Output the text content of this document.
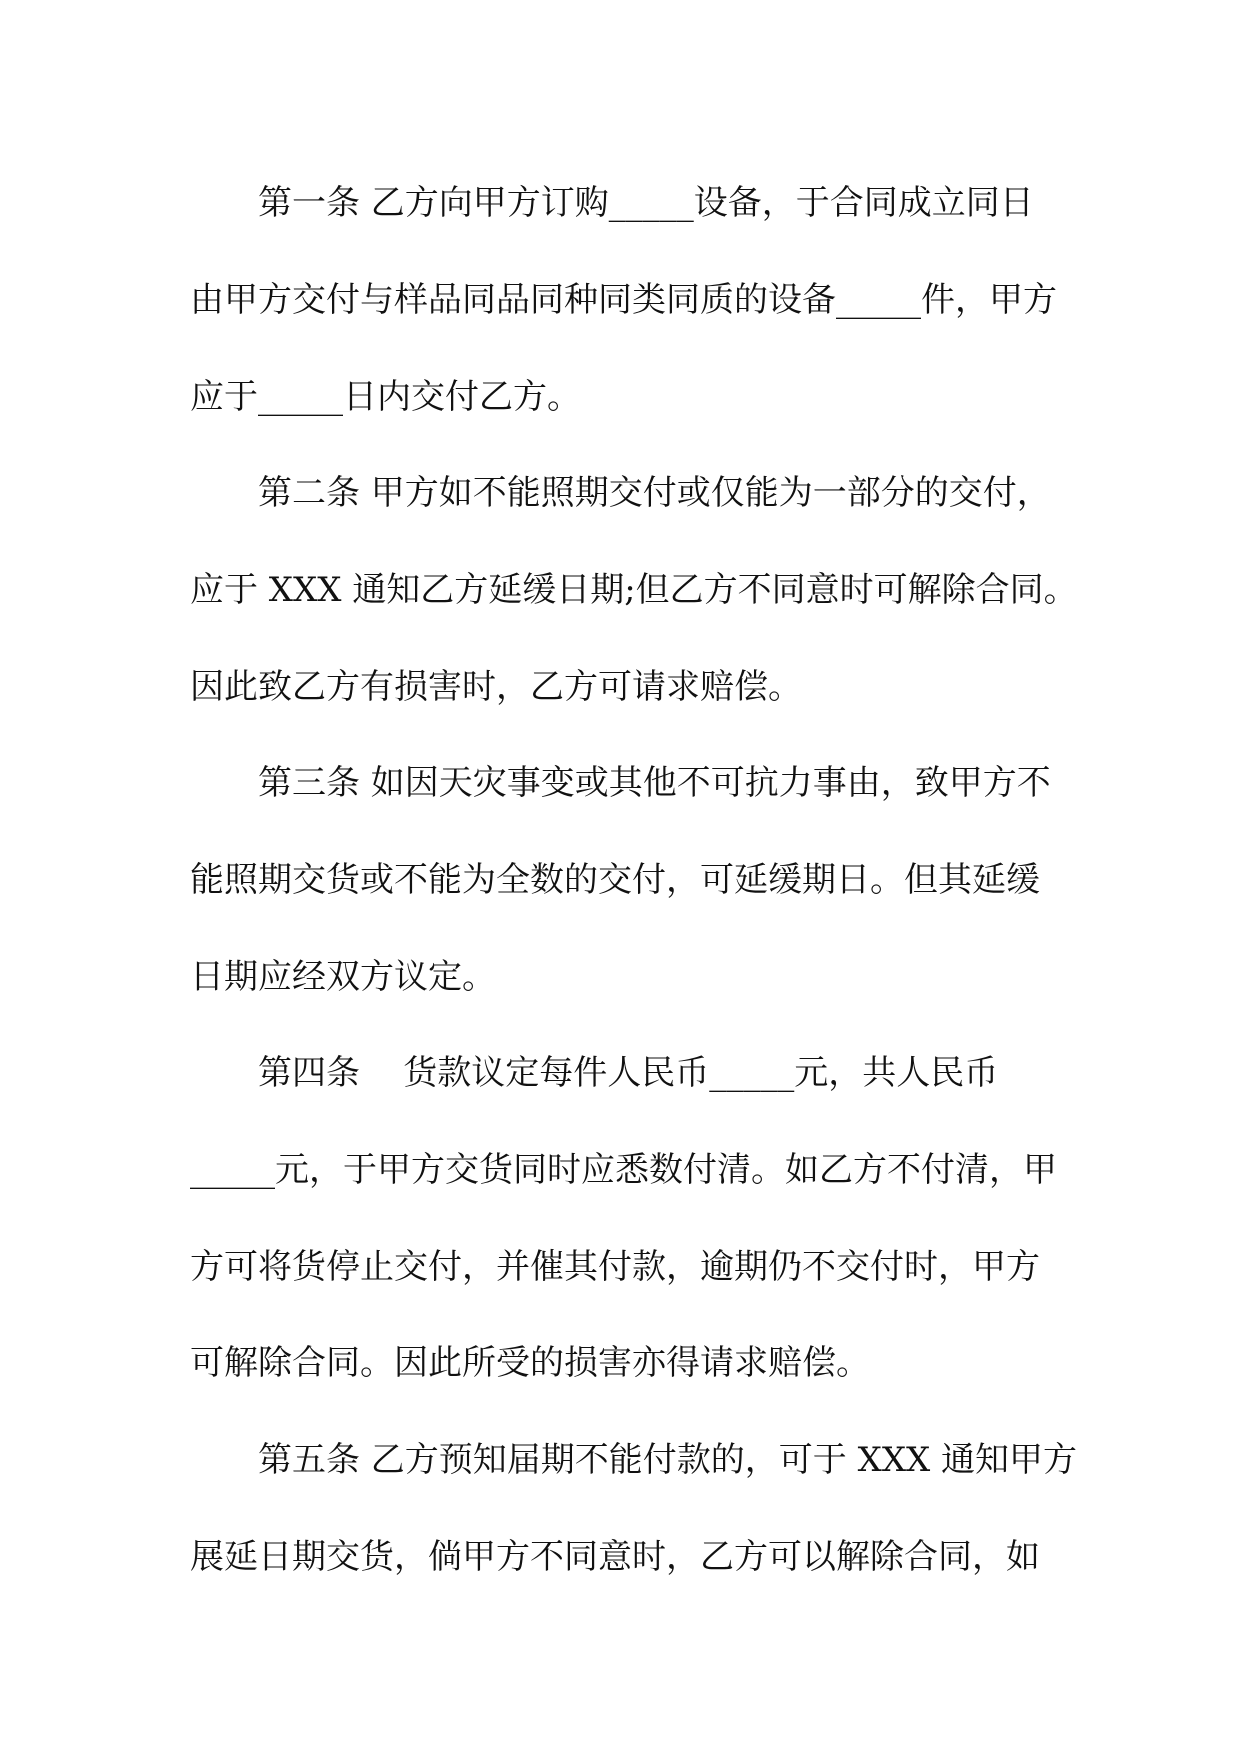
第一条 乙方向甲方订购_____设备，于合同成立同日
由甲方交付与样品同品同种同类同质的设备_____件，甲方
应于_____日内交付乙方。
第二条 甲方如不能照期交付或仅能为一部分的交付，
应于 XXX 通知乙方延缓日期;但乙方不同意时可解除合同。
因此致乙方有损害时，乙方可请求赔偿。
第三条 如因天灾事变或其他不可抗力事由，致甲方不
能照期交货或不能为全数的交付，可延缓期日。但其延缓
日期应经双方议定。
第四条    货款议定每件人民币_____元，共人民币
_____元，于甲方交货同时应悉数付清。如乙方不付清，甲
方可将货停止交付，并催其付款，逾期仍不交付时，甲方
可解除合同。因此所受的损害亦得请求赔偿。
第五条 乙方预知届期不能付款的，可于 XXX 通知甲方
展延日期交货，倘甲方不同意时，乙方可以解除合同，如
